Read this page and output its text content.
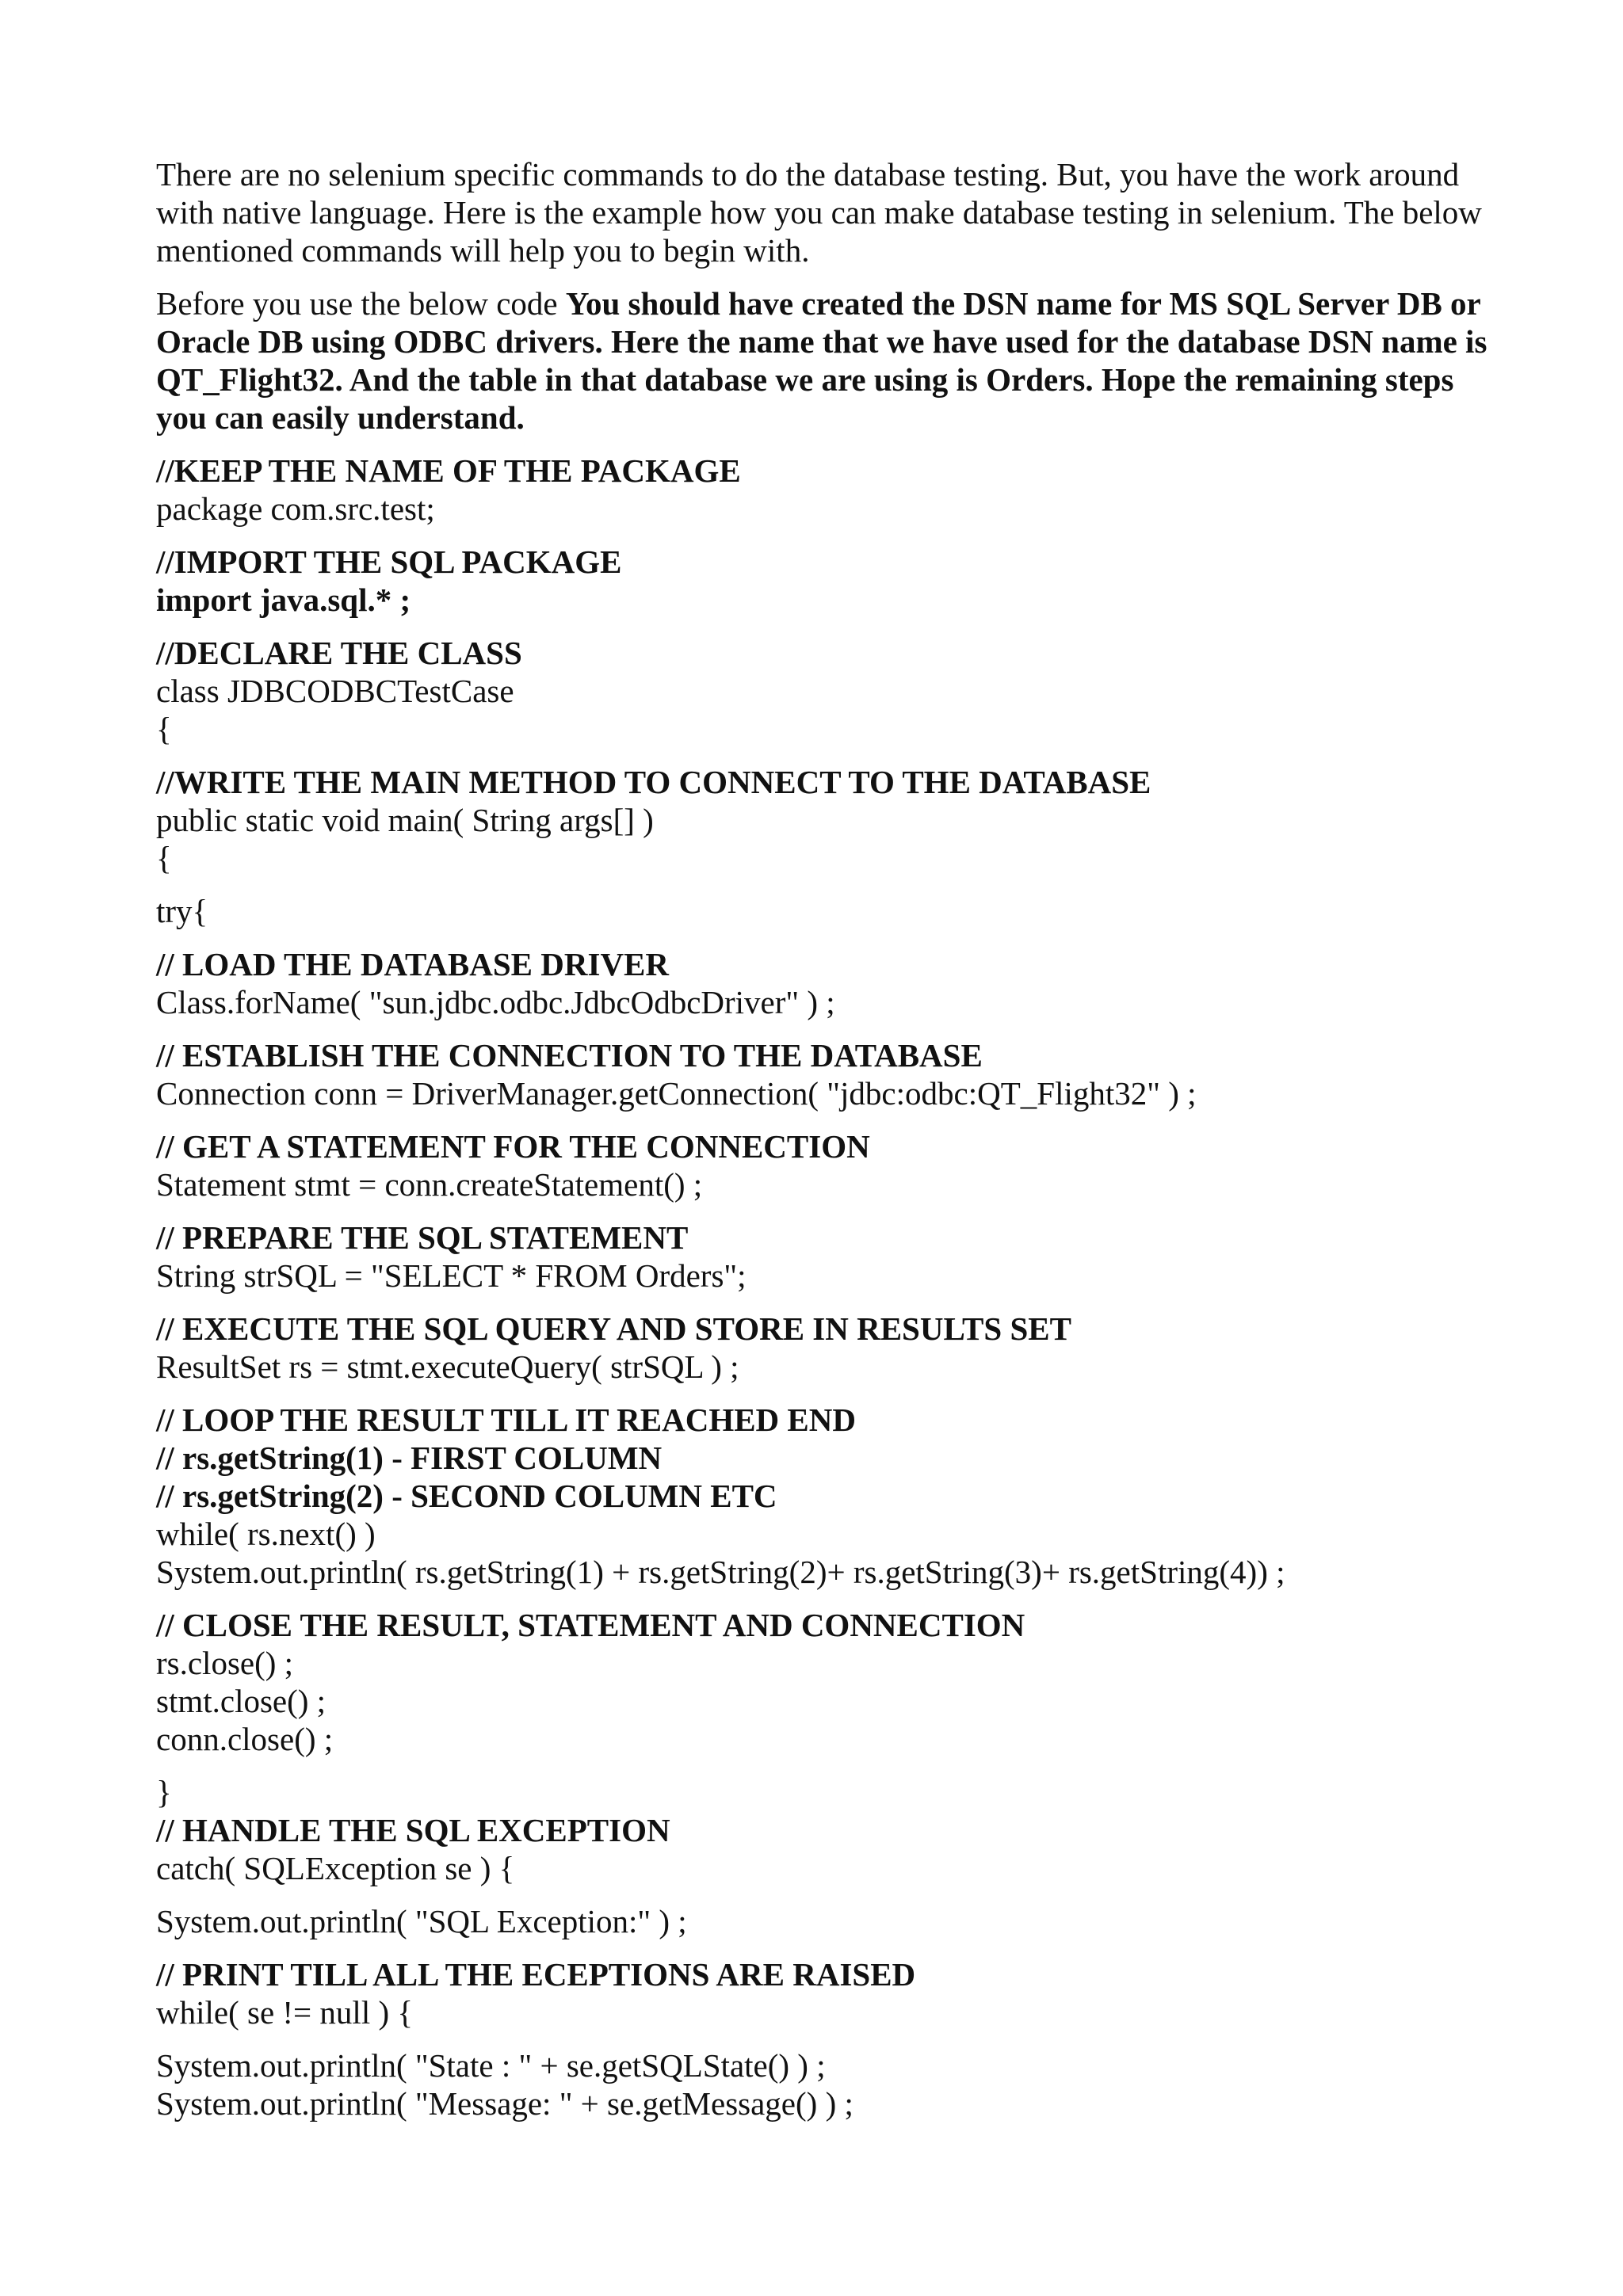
There are no selenium specific commands to do the database testing. But, you have the work around with native language. Here is the example how you can make database testing in selenium. The below mentioned commands will help you to begin with.

Before you use the below code You should have created the DSN name for MS SQL Server DB or Oracle DB using ODBC drivers. Here the name that we have used for the database DSN name is QT_Flight32. And the table in that database we are using is Orders. Hope the remaining steps you can easily understand.

//KEEP THE NAME OF THE PACKAGE
package com.src.test;
//IMPORT THE SQL PACKAGE
import java.sql.* ;
//DECLARE THE CLASS
class JDBCODBCTestCase
{
//WRITE THE MAIN METHOD TO CONNECT TO THE DATABASE
public static void main( String args[] )
{
try{
// LOAD THE DATABASE DRIVER
Class.forName( "sun.jdbc.odbc.JdbcOdbcDriver" ) ;
// ESTABLISH THE CONNECTION TO THE DATABASE
Connection conn = DriverManager.getConnection( "jdbc:odbc:QT_Flight32" ) ;
// GET A STATEMENT FOR THE CONNECTION
Statement stmt = conn.createStatement() ;
// PREPARE THE SQL STATEMENT
String strSQL = "SELECT * FROM Orders";
// EXECUTE THE SQL QUERY AND STORE IN RESULTS SET
ResultSet rs = stmt.executeQuery( strSQL ) ;
// LOOP THE RESULT TILL IT REACHED END
// rs.getString(1) - FIRST COLUMN
// rs.getString(2) - SECOND COLUMN ETC
while( rs.next() )
System.out.println( rs.getString(1) + rs.getString(2)+ rs.getString(3)+ rs.getString(4)) ;
// CLOSE THE RESULT, STATEMENT AND CONNECTION
rs.close() ;
stmt.close() ;
conn.close() ;
}
// HANDLE THE SQL EXCEPTION
catch( SQLException se ) {
System.out.println( "SQL Exception:" ) ;
// PRINT TILL ALL THE ECEPTIONS ARE RAISED
while( se != null ) {
System.out.println( "State : " + se.getSQLState() ) ;
System.out.println( "Message: " + se.getMessage() ) ;
